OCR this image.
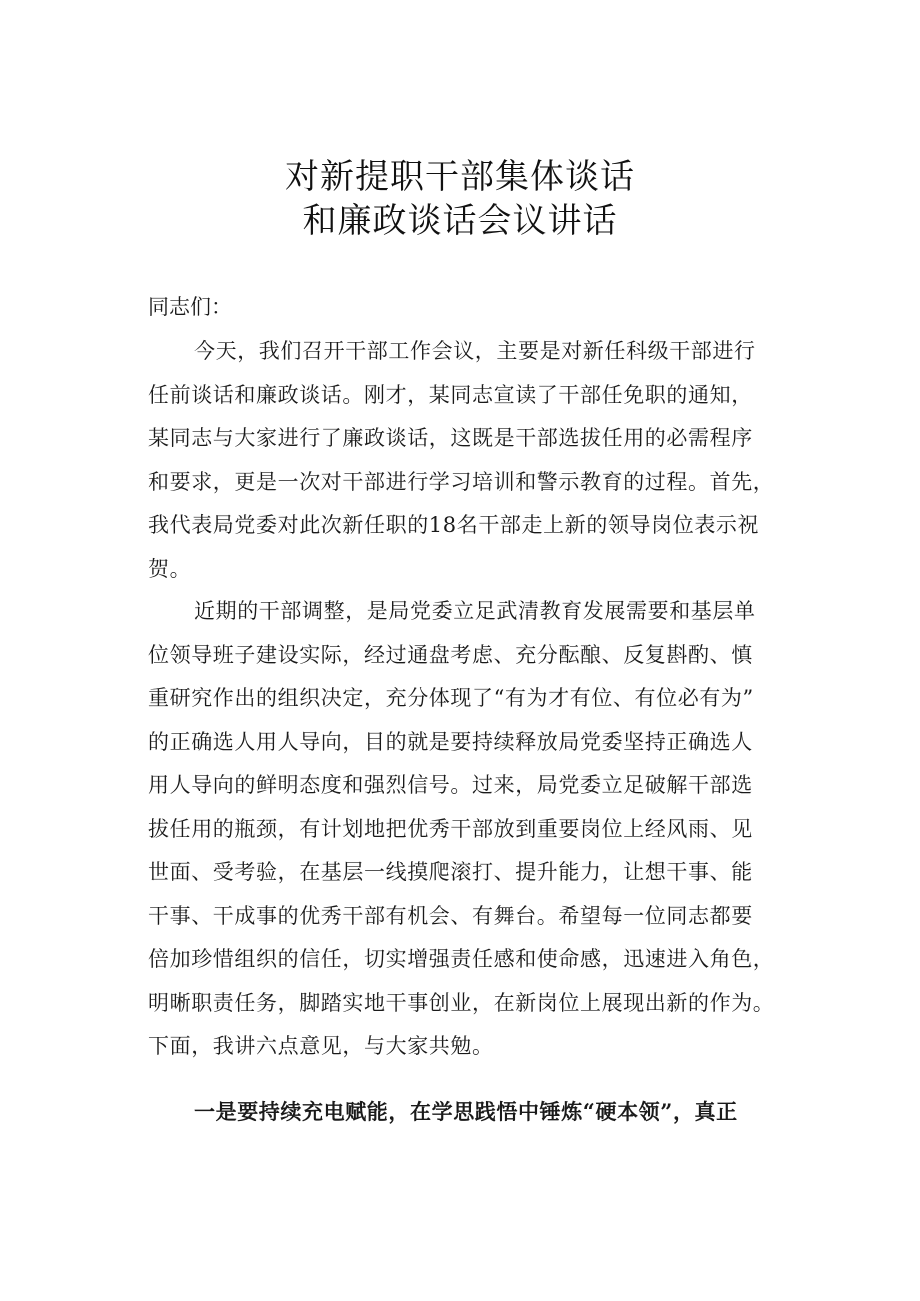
对新提职干部集体谈话
和廉政谈话会议讲话
同志们：
今天，我们召开干部工作会议，主要是对新任科级干部进行
任前谈话和廉政谈话。刚才，某同志宣读了干部任免职的通知，
某同志与大家进行了廉政谈话，这既是干部选拔任用的必需程序
和要求，更是一次对干部进行学习培训和警示教育的过程。首先，
我代表局党委对此次新任职的18名干部走上新的领导岗位表示祝
贺。
近期的干部调整，是局党委立足武清教育发展需要和基层单
位领导班子建设实际，经过通盘考虑、充分酝酿、反复斟酌、慎
重研究作出的组织决定，充分体现了“有为才有位、有位必有为”
的正确选人用人导向，目的就是要持续释放局党委坚持正确选人
用人导向的鲜明态度和强烈信号。过来，局党委立足破解干部选
拔任用的瓶颈，有计划地把优秀干部放到重要岗位上经风雨、见
世面、受考验，在基层一线摸爬滚打、提升能力，让想干事、能
干事、干成事的优秀干部有机会、有舞台。希望每一位同志都要
倍加珍惜组织的信任，切实增强责任感和使命感，迅速进入角色，
明晰职责任务，脚踏实地干事创业，在新岗位上展现出新的作为。
下面，我讲六点意见，与大家共勉。
一是要持续充电赋能，在学思践悟中锤炼“硬本领”，真正
